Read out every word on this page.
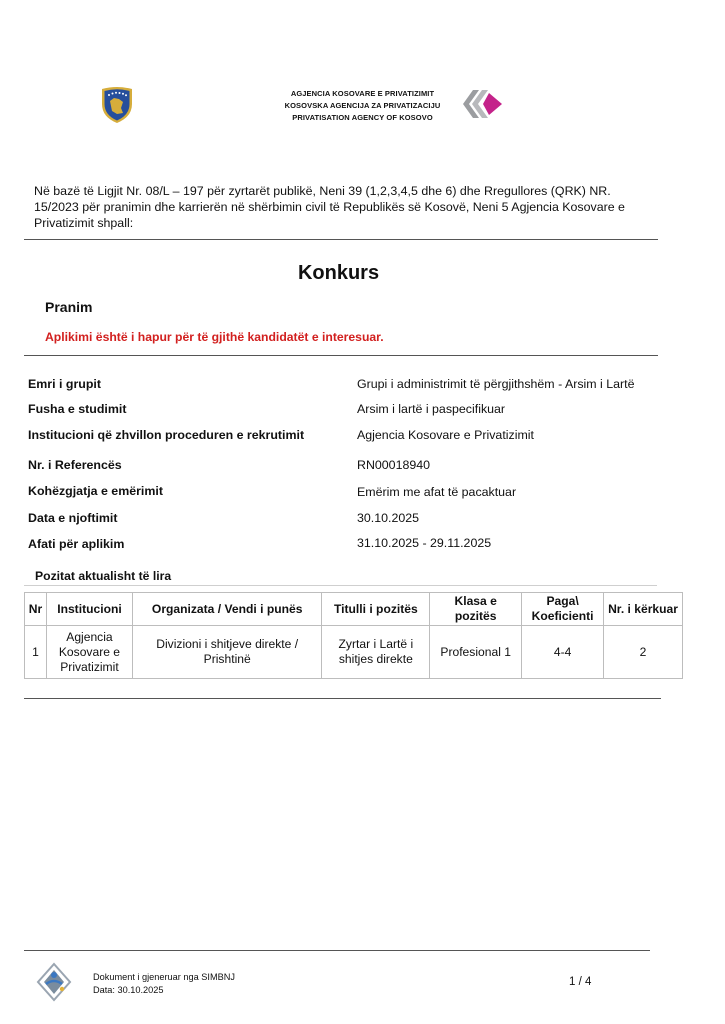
AGJENCIA KOSOVARE E PRIVATIZIMIT
KOSOVSKA AGENCIJA ZA PRIVATIZACIJU
PRIVATISATION AGENCY OF KOSOVO
Në bazë të Ligjit Nr. 08/L – 197 për zyrtarët publikë, Neni 39 (1,2,3,4,5 dhe 6) dhe Rregullores (QRK) NR. 15/2023 për pranimin dhe karrierën në shërbimin civil të Republikës së Kosovë, Neni 5 Agjencia Kosovare e Privatizimit shpall:
Konkurs
Pranim
Aplikimi është i hapur për të gjithë kandidatët e interesuar.
Emri i grupit	Grupi i administrimit të përgjithshëm - Arsim i Lartë
Fusha e studimit	Arsim i lartë i paspecifikuar
Institucioni që zhvillon proceduren e rekrutimit	Agjencia Kosovare e Privatizimit
Nr. i Referencës	RN00018940
Kohëzgjatja e emërimit	Emërim me afat të pacaktuar
Data e njoftimit	30.10.2025
Afati për aplikim	31.10.2025 - 29.11.2025
Pozitat aktualisht të lira
Nr	Institucioni	Organizata / Vendi i punës	Titulli i pozitës	Klasa e pozitës	Paga\ Koeficienti	Nr. i kërkuar
1	Agjencia Kosovare e Privatizimit	Divizioni i shitjeve direkte / Prishtinë	Zyrtar i Lartë i shitjes direkte	Profesional 1	4-4	2
Dokument i gjeneruar nga SIMBNJ
Data: 30.10.2025
1 / 4
